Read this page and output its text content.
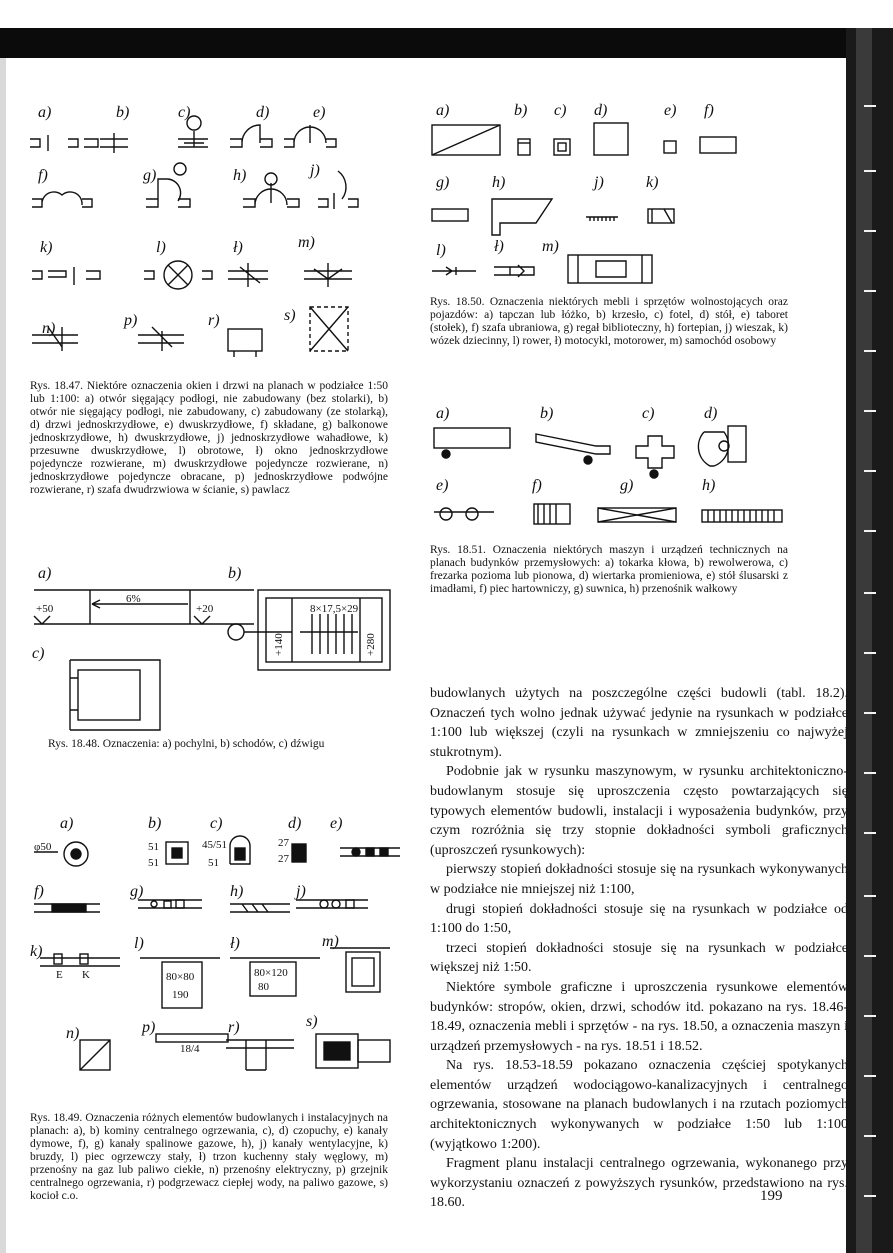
a)	b)	c)	d)	e)
f)	g)	h)	j)
k)	l)	ł)	m)
n)	p)	r)	s)
Rys. 18.47. Niektóre oznaczenia okien i drzwi na planach w podziałce 1:50 lub 1:100: a) otwór sięgający podłogi, nie zabudowany (bez stolarki), b) otwór nie sięgający podłogi, nie zabudowany, c) zabudowany (ze stolarką), d) drzwi jednoskrzydłowe, e) dwuskrzydłowe, f) składane, g) balkonowe jednoskrzydłowe, h) dwuskrzydłowe, j) jednoskrzydłowe wahadłowe, k) przesuwne dwuskrzydłowe, l) obrotowe, ł) okno jednoskrzydłowe pojedyncze rozwierane, m) dwuskrzydłowe pojedyncze rozwierane, n) jednoskrzydłowe pojedyncze obracane, p) jednoskrzydłowe podwójne rozwierane, r) szafa dwudrzwiowa w ścianie, s) pawlacz
a)	b)
c)
6%
+50	+20	8×17,5×29
+140	+280
Rys. 18.48. Oznaczenia: a) pochylni, b) schodów, c) dźwigu
a)	b)	c)	d) e)
φ50	51
51
45/51
51
27
27
f)	g)	h)	j)
k)	l)	ł)	m)
E K	80×80
190
80×120
80
n)	p)	r)	s)
18/4
Rys. 18.49. Oznaczenia różnych elementów budowlanych i instalacyjnych na planach: a), b) kominy centralnego ogrzewania, c), d) czopuchy, e) kanały dymowe, f), g) kanały spalinowe gazowe, h), j) kanały wentylacyjne, k) bruzdy, l) piec ogrzewczy stały, ł) trzon kuchenny stały węglowy, m) przenośny na gaz lub paliwo ciekłe, n) przenośny elektryczny, p) grzejnik centralnego ogrzewania, r) podgrzewacz ciepłej wody, na paliwo gazowe, s) kocioł c.o.
a)	b) c) d)	e) f)
g)	h)	j)	k)
l)	ł) m)
Rys. 18.50. Oznaczenia niektórych mebli i sprzętów wolnostojących oraz pojazdów: a) tapczan lub łóżko, b) krzesło, c) fotel, d) stół, e) taboret (stołek), f) szafa ubraniowa, g) regał biblioteczny, h) fortepian, j) wieszak, k) wózek dziecinny, l) rower, ł) motocykl, motorower, m) samochód osobowy
a)	b)	c)	d)
e)	f)	g)	h)
Rys. 18.51. Oznaczenia niektórych maszyn i urządzeń technicznych na planach budynków przemysłowych: a) tokarka kłowa, b) rewolwerowa, c) frezarka pozioma lub pionowa, d) wiertarka promieniowa, e) stół ślusarski z imadłami, f) piec hartowniczy, g) suwnica, h) przenośnik wałkowy

budowlanych użytych na poszczególne części budowli (tabl. 18.2). Oznaczeń tych wolno jednak używać jedynie na rysunkach w podziałce 1:100 lub większej (czyli na rysunkach w zmniejszeniu co najwyżej stukrotnym).

Podobnie jak w rysunku maszynowym, w rysunku architektoniczno-budowlanym stosuje się uproszczenia często powtarzających się typowych elementów budowli, instalacji i wyposażenia budynków, przy czym rozróżnia się trzy stopnie dokładności symboli graficznych (uproszczeń rysunkowych):

pierwszy stopień dokładności stosuje się na rysunkach wykonywanych w podziałce nie mniejszej niż 1:100,

drugi stopień dokładności stosuje się na rysunkach w podziałce od 1:100 do 1:50,

trzeci stopień dokładności stosuje się na rysunkach w podziałce większej niż 1:50.

Niektóre symbole graficzne i uproszczenia rysunkowe elementów budynków: stropów, okien, drzwi, schodów itd. pokazano na rys. 18.46-18.49, oznaczenia mebli i sprzętów - na rys. 18.50, a oznaczenia maszyn i urządzeń przemysłowych - na rys. 18.51 i 18.52.

Na rys. 18.53-18.59 pokazano oznaczenia częściej spotykanych elementów urządzeń wodociągowo-kanalizacyjnych i centralnego ogrzewania, stosowane na planach budowlanych i na rzutach poziomych architektonicznych wykonywanych w podziałce 1:50 lub 1:100 (wyjątkowo 1:200).

Fragment planu instalacji centralnego ogrzewania, wykonanego przy wykorzystaniu oznaczeń z powyższych rysunków, przedstawiono na rys. 18.60.	199
